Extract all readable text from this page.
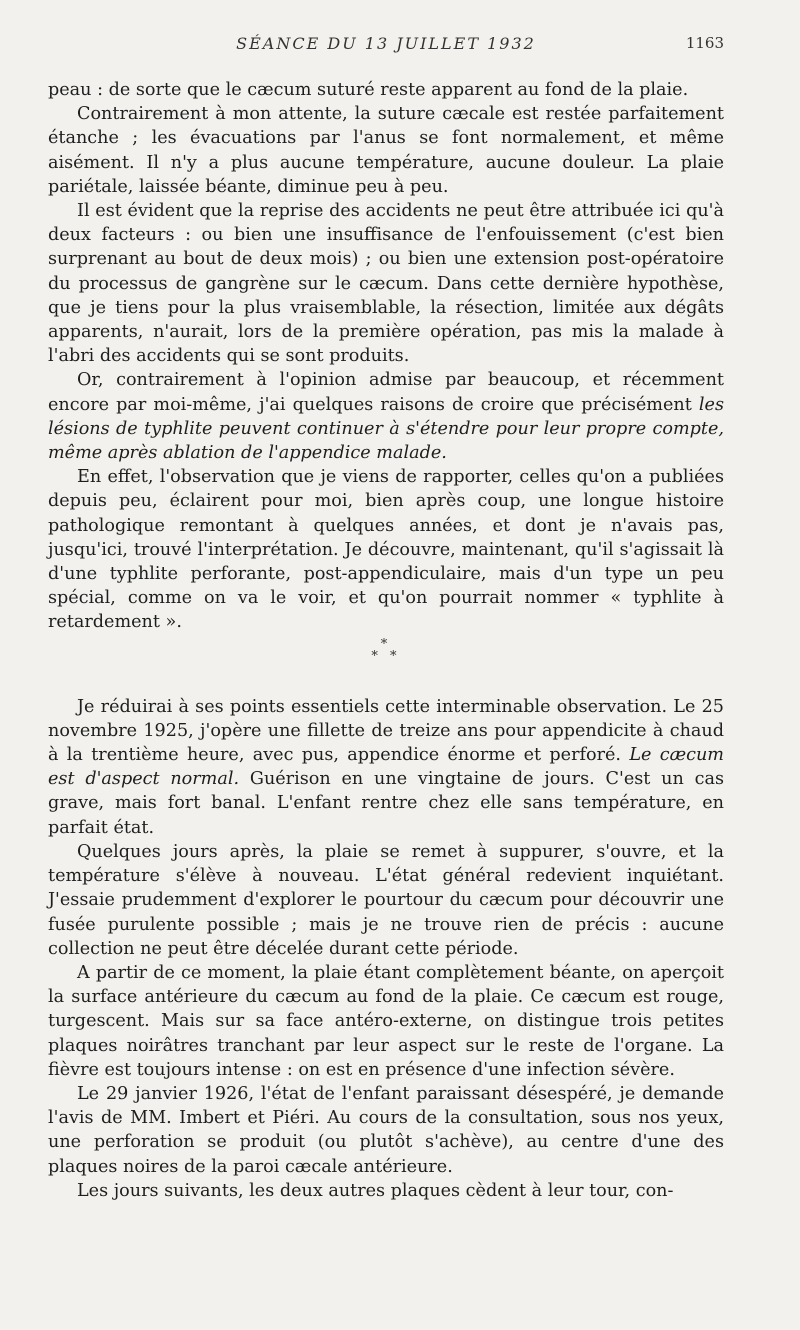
SÉANCE DU 13 JUILLET 1932	1163

peau : de sorte que le cæcum suturé reste apparent au fond de la plaie.

Contrairement à mon attente, la suture cæcale est restée parfaitement étanche ; les évacuations par l'anus se font normalement, et même aisément. Il n'y a plus aucune température, aucune douleur. La plaie pariétale, laissée béante, diminue peu à peu.

Il est évident que la reprise des accidents ne peut être attribuée ici qu'à deux facteurs : ou bien une insuffisance de l'enfouissement (c'est bien surprenant au bout de deux mois) ; ou bien une extension post-opératoire du processus de gangrène sur le cæcum. Dans cette dernière hypothèse, que je tiens pour la plus vraisemblable, la résection, limitée aux dégâts apparents, n'aurait, lors de la première opération, pas mis la malade à l'abri des accidents qui se sont produits.

Or, contrairement à l'opinion admise par beaucoup, et récemment encore par moi-même, j'ai quelques raisons de croire que précisément les lésions de typhlite peuvent continuer à s'étendre pour leur propre compte, même après ablation de l'appendice malade.

En effet, l'observation que je viens de rapporter, celles qu'on a publiées depuis peu, éclairent pour moi, bien après coup, une longue histoire pathologique remontant à quelques années, et dont je n'avais pas, jusqu'ici, trouvé l'interprétation. Je découvre, maintenant, qu'il s'agissait là d'une typhlite perforante, post-appendiculaire, mais d'un type un peu spécial, comme on va le voir, et qu'on pourrait nommer « typhlite à retardement ».

*
* *

Je réduirai à ses points essentiels cette interminable observation. Le 25 novembre 1925, j'opère une fillette de treize ans pour appendicite à chaud à la trentième heure, avec pus, appendice énorme et perforé. Le cæcum est d'aspect normal. Guérison en une vingtaine de jours. C'est un cas grave, mais fort banal. L'enfant rentre chez elle sans température, en parfait état.

Quelques jours après, la plaie se remet à suppurer, s'ouvre, et la température s'élève à nouveau. L'état général redevient inquiétant. J'essaie prudemment d'explorer le pourtour du cæcum pour découvrir une fusée purulente possible ; mais je ne trouve rien de précis : aucune collection ne peut être décelée durant cette période.

A partir de ce moment, la plaie étant complètement béante, on aperçoit la surface antérieure du cæcum au fond de la plaie. Ce cæcum est rouge, turgescent. Mais sur sa face antéro-externe, on distingue trois petites plaques noirâtres tranchant par leur aspect sur le reste de l'organe. La fièvre est toujours intense : on est en présence d'une infection sévère.

Le 29 janvier 1926, l'état de l'enfant paraissant désespéré, je demande l'avis de MM. Imbert et Piéri. Au cours de la consultation, sous nos yeux, une perforation se produit (ou plutôt s'achève), au centre d'une des plaques noires de la paroi cæcale antérieure.

Les jours suivants, les deux autres plaques cèdent à leur tour, con-
